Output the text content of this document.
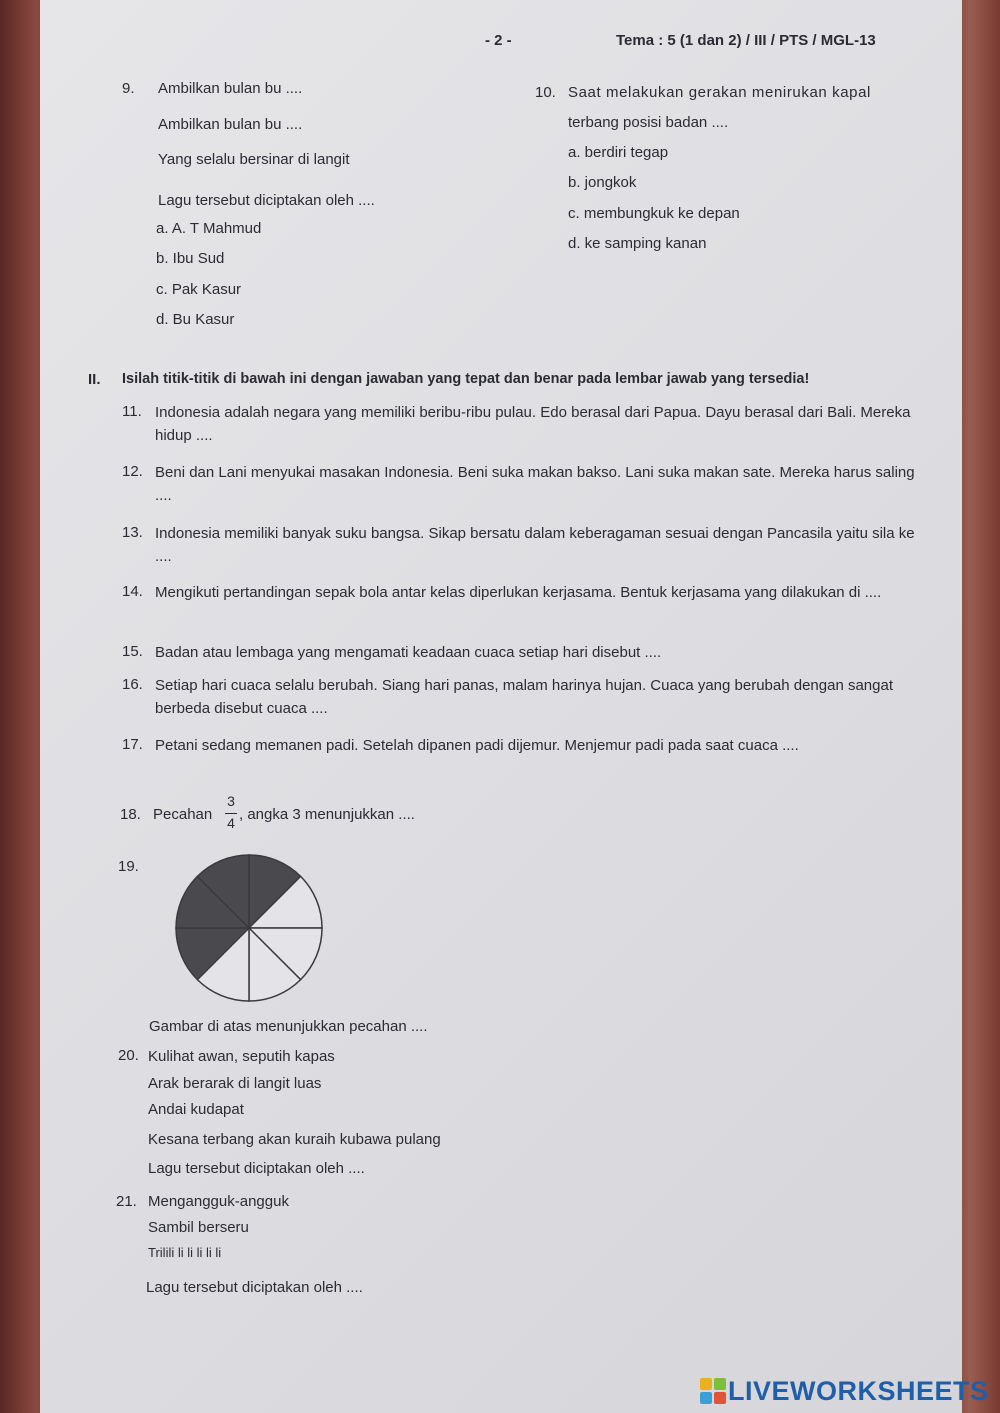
- 2 -	Tema : 5 (1 dan 2) / III / PTS / MGL-13
9. Ambilkan bulan bu ....
Ambilkan bulan bu ....
Yang selalu bersinar di langit
Lagu tersebut diciptakan oleh ....
a. A. T Mahmud
b. Ibu Sud
c. Pak Kasur
d. Bu Kasur
10. Saat melakukan gerakan menirukan kapal
terbang posisi badan ....
a. berdiri tegap
b. jongkok
c. membungkuk ke depan
d. ke samping kanan
II. Isilah titik-titik di bawah ini dengan jawaban yang tepat dan benar pada lembar jawab yang tersedia!
11. Indonesia adalah negara yang memiliki beribu-ribu pulau. Edo berasal dari Papua. Dayu berasal dari Bali. Mereka hidup ....
12. Beni dan Lani menyukai masakan Indonesia. Beni suka makan bakso. Lani suka makan sate. Mereka harus saling ....
13. Indonesia memiliki banyak suku bangsa. Sikap bersatu dalam keberagaman sesuai dengan Pancasila yaitu sila ke ....
14. Mengikuti pertandingan sepak bola antar kelas diperlukan kerjasama. Bentuk kerjasama yang dilakukan di ....
15. Badan atau lembaga yang mengamati keadaan cuaca setiap hari disebut ....
16. Setiap hari cuaca selalu berubah. Siang hari panas, malam harinya hujan. Cuaca yang berubah dengan sangat berbeda disebut cuaca ....
17. Petani sedang memanen padi. Setelah dipanen padi dijemur. Menjemur padi pada saat cuaca ....
18. Pecahan
3
4 , angka 3 menunjukkan ....
19.
Gambar di atas menunjukkan pecahan ....
20. Kulihat awan, seputih kapas
Arak berarak di langit luas
Andai kudapat
Kesana terbang akan kuraih kubawa pulang
Lagu tersebut diciptakan oleh ....
21. Mengangguk-angguk
Sambil berseru
Trilili li li li li li
Lagu tersebut diciptakan oleh ....
LIVEWORKSHEETS
